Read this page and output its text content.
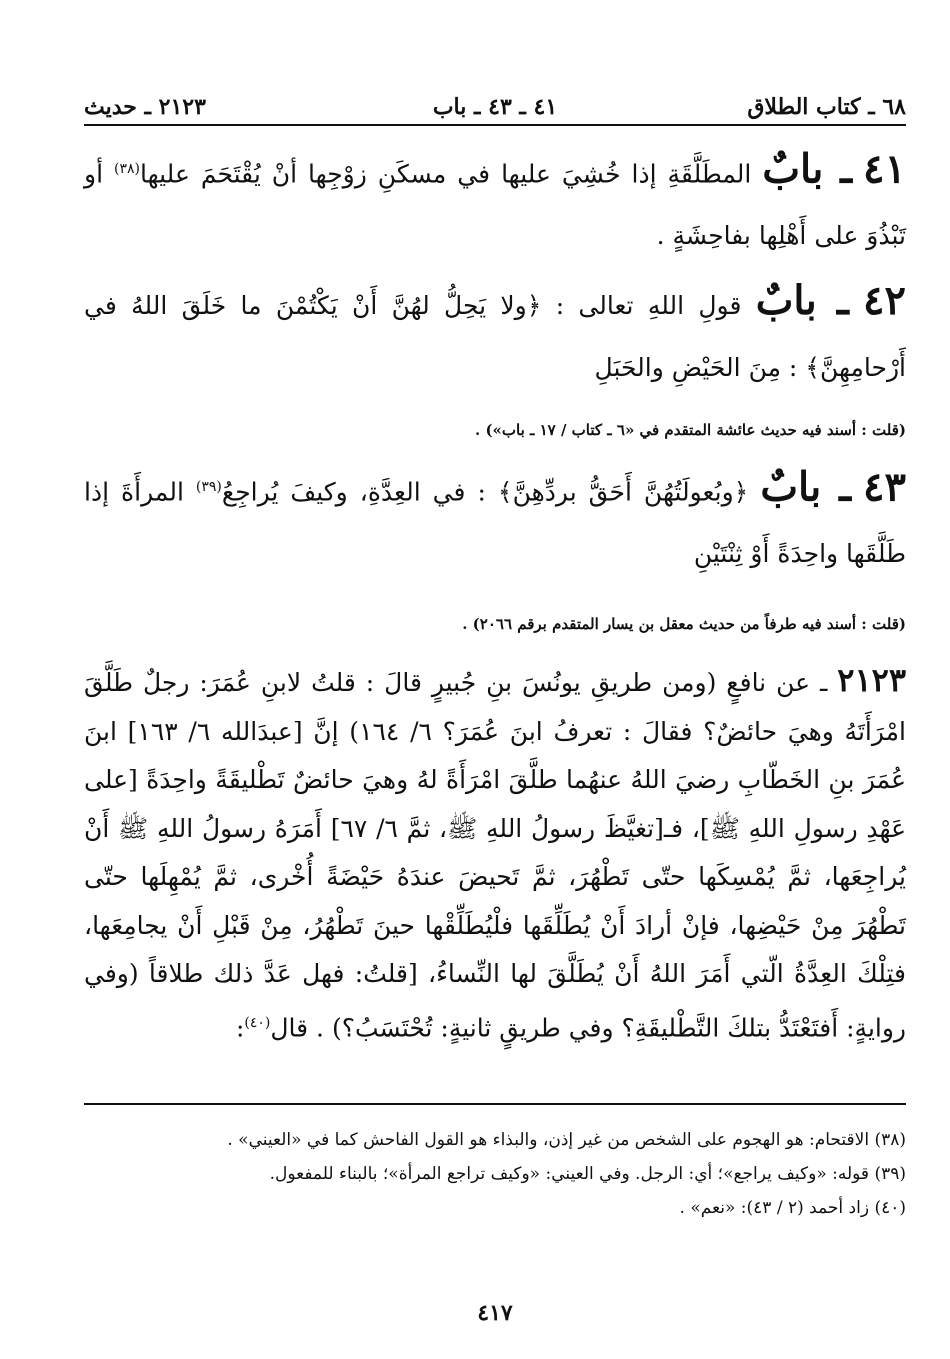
٦٨ ـ كتاب الطلاق
٤١ ـ ٤٣ ـ باب
٢١٢٣ ـ حديث
٤١ ـ بابٌ المطَلَّقَةِ إذا خُشِيَ عليها في مسكَنِ زوْجِها أنْ يُقْتَحَمَ عليها$^{(٣٨)}$ أو تَبْذُوَ على أَهْلِها بفاحِشَةٍ .
٤٢ ـ بابٌ قولِ اللهِ تعالى : ﴿ولا يَحِلُّ لهُنَّ أَنْ يَكْتُمْنَ ما خَلَقَ اللهُ في أَرْحامِهِنَّ﴾ : مِنَ الحَيْضِ والحَبَلِ
(قلت : أسند فيه حديث عائشة المتقدم في «٦ ـ كتاب / ١٧ ـ باب») .
٤٣ ـ بابٌ ﴿وبُعولَتُهُنَّ أَحَقُّ بردِّهِنَّ﴾ : في العِدَّةِ، وكيفَ يُراجِعُ$^{(٣٩)}$ المرأَةَ إذا طَلَّقَها واحِدَةً أَوْ ثِنْتَيْنِ
(قلت : أسند فيه طرفاً من حديث معقل بن يسار المتقدم برقم ٢٠٦٦) .
٢١٢٣ ـ عن نافعٍ (ومن طريقِ يونُسَ بنِ جُبيرٍ قالَ : قلتُ لابنِ عُمَرَ: رجلٌ طَلَّقَ امْرَأَتَهُ وهيَ حائضٌ؟ فقالَ : تعرفُ ابنَ عُمَرَ؟ ٦/ ١٦٤) إنَّ [عبدَالله ٦/ ١٦٣] ابنَ عُمَرَ بنِ الخَطّابِ رضيَ اللهُ عنهُما طلَّقَ امْرَأَةً لهُ وهيَ حائضٌ تَطْليقَةً واحِدَةً [على عَهْدِ رسولِ اللهِ ﷺ]، فـ[تغيَّظَ رسولُ اللهِ ﷺ، ثمَّ ٦/ ٦٧] أَمَرَهُ رسولُ اللهِ ﷺ أَنْ يُراجِعَها، ثمَّ يُمْسِكَها حتّى تَطْهُرَ، ثمَّ تَحيضَ عندَهُ حَيْضَةً أُخْرى، ثمَّ يُمْهِلَها حتّى تَطْهُرَ مِنْ حَيْضِها، فإنْ أرادَ أَنْ يُطَلِّقَها فلْيُطَلِّقْها حينَ تَطْهُرُ، مِنْ قَبْلِ أَنْ يجامِعَها، فتِلْكَ العِدَّةُ الّتي أَمَرَ اللهُ أَنْ يُطَلَّقَ لها النِّساءُ، [قلتُ: فهل عَدَّ ذلك طلاقاً (وفي روايةٍ: أَفتَعْتَدُّ بتلكَ التَّطْليقَةِ؟ وفي طريقٍ ثانيةٍ: تُحْتَسَبُ؟) . قال$^{(٤٠)}$:

(٣٨) الاقتحام: هو الهجوم على الشخص من غير إذن، والبذاء هو القول الفاحش كما في «العيني» .

(٣٩) قوله: «وكيف يراجع»؛ أي: الرجل. وفي العيني: «وكيف تراجع المرأة»؛ بالبناء للمفعول.

(٤٠) زاد أحمد (٢ / ٤٣): «نعم» .

٤١٧
